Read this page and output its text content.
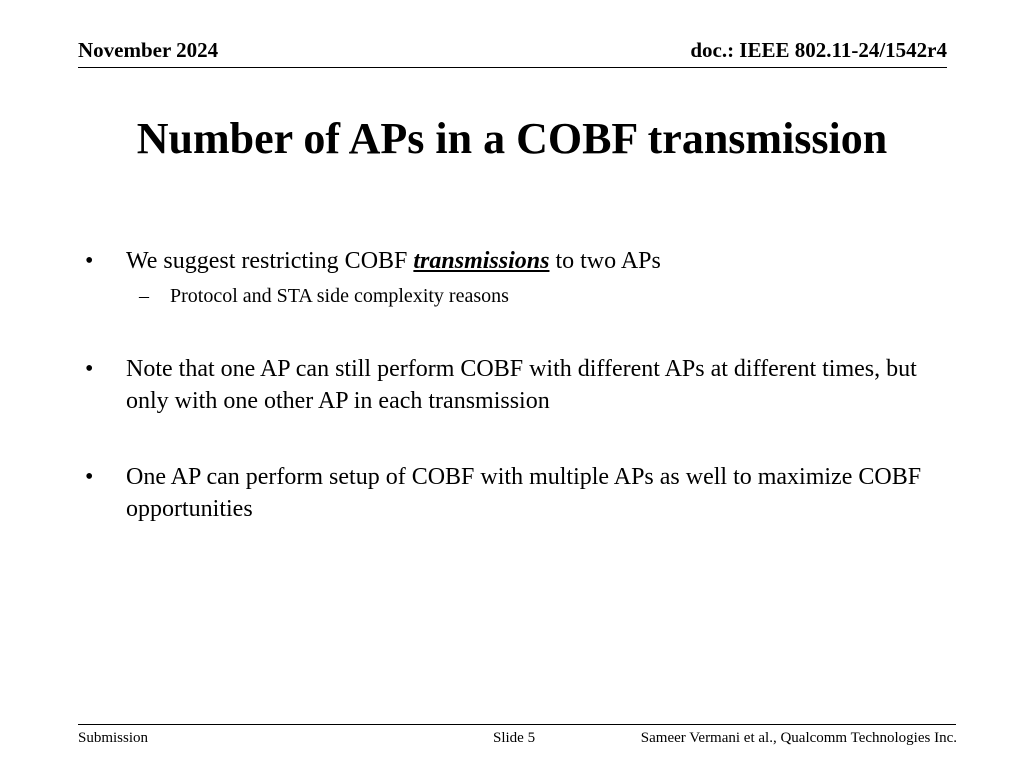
November 2024	doc.: IEEE 802.11-24/1542r4
Number of APs in a COBF transmission
•	We suggest restricting COBF transmissions to two APs
– Protocol and STA side complexity reasons
•	Note that one AP can still perform COBF with different APs at different times, but only with one other AP in each transmission
•	One AP can perform setup of COBF with multiple APs as well to maximize COBF opportunities
Submission	Slide 5	Sameer Vermani et al., Qualcomm Technologies Inc.
